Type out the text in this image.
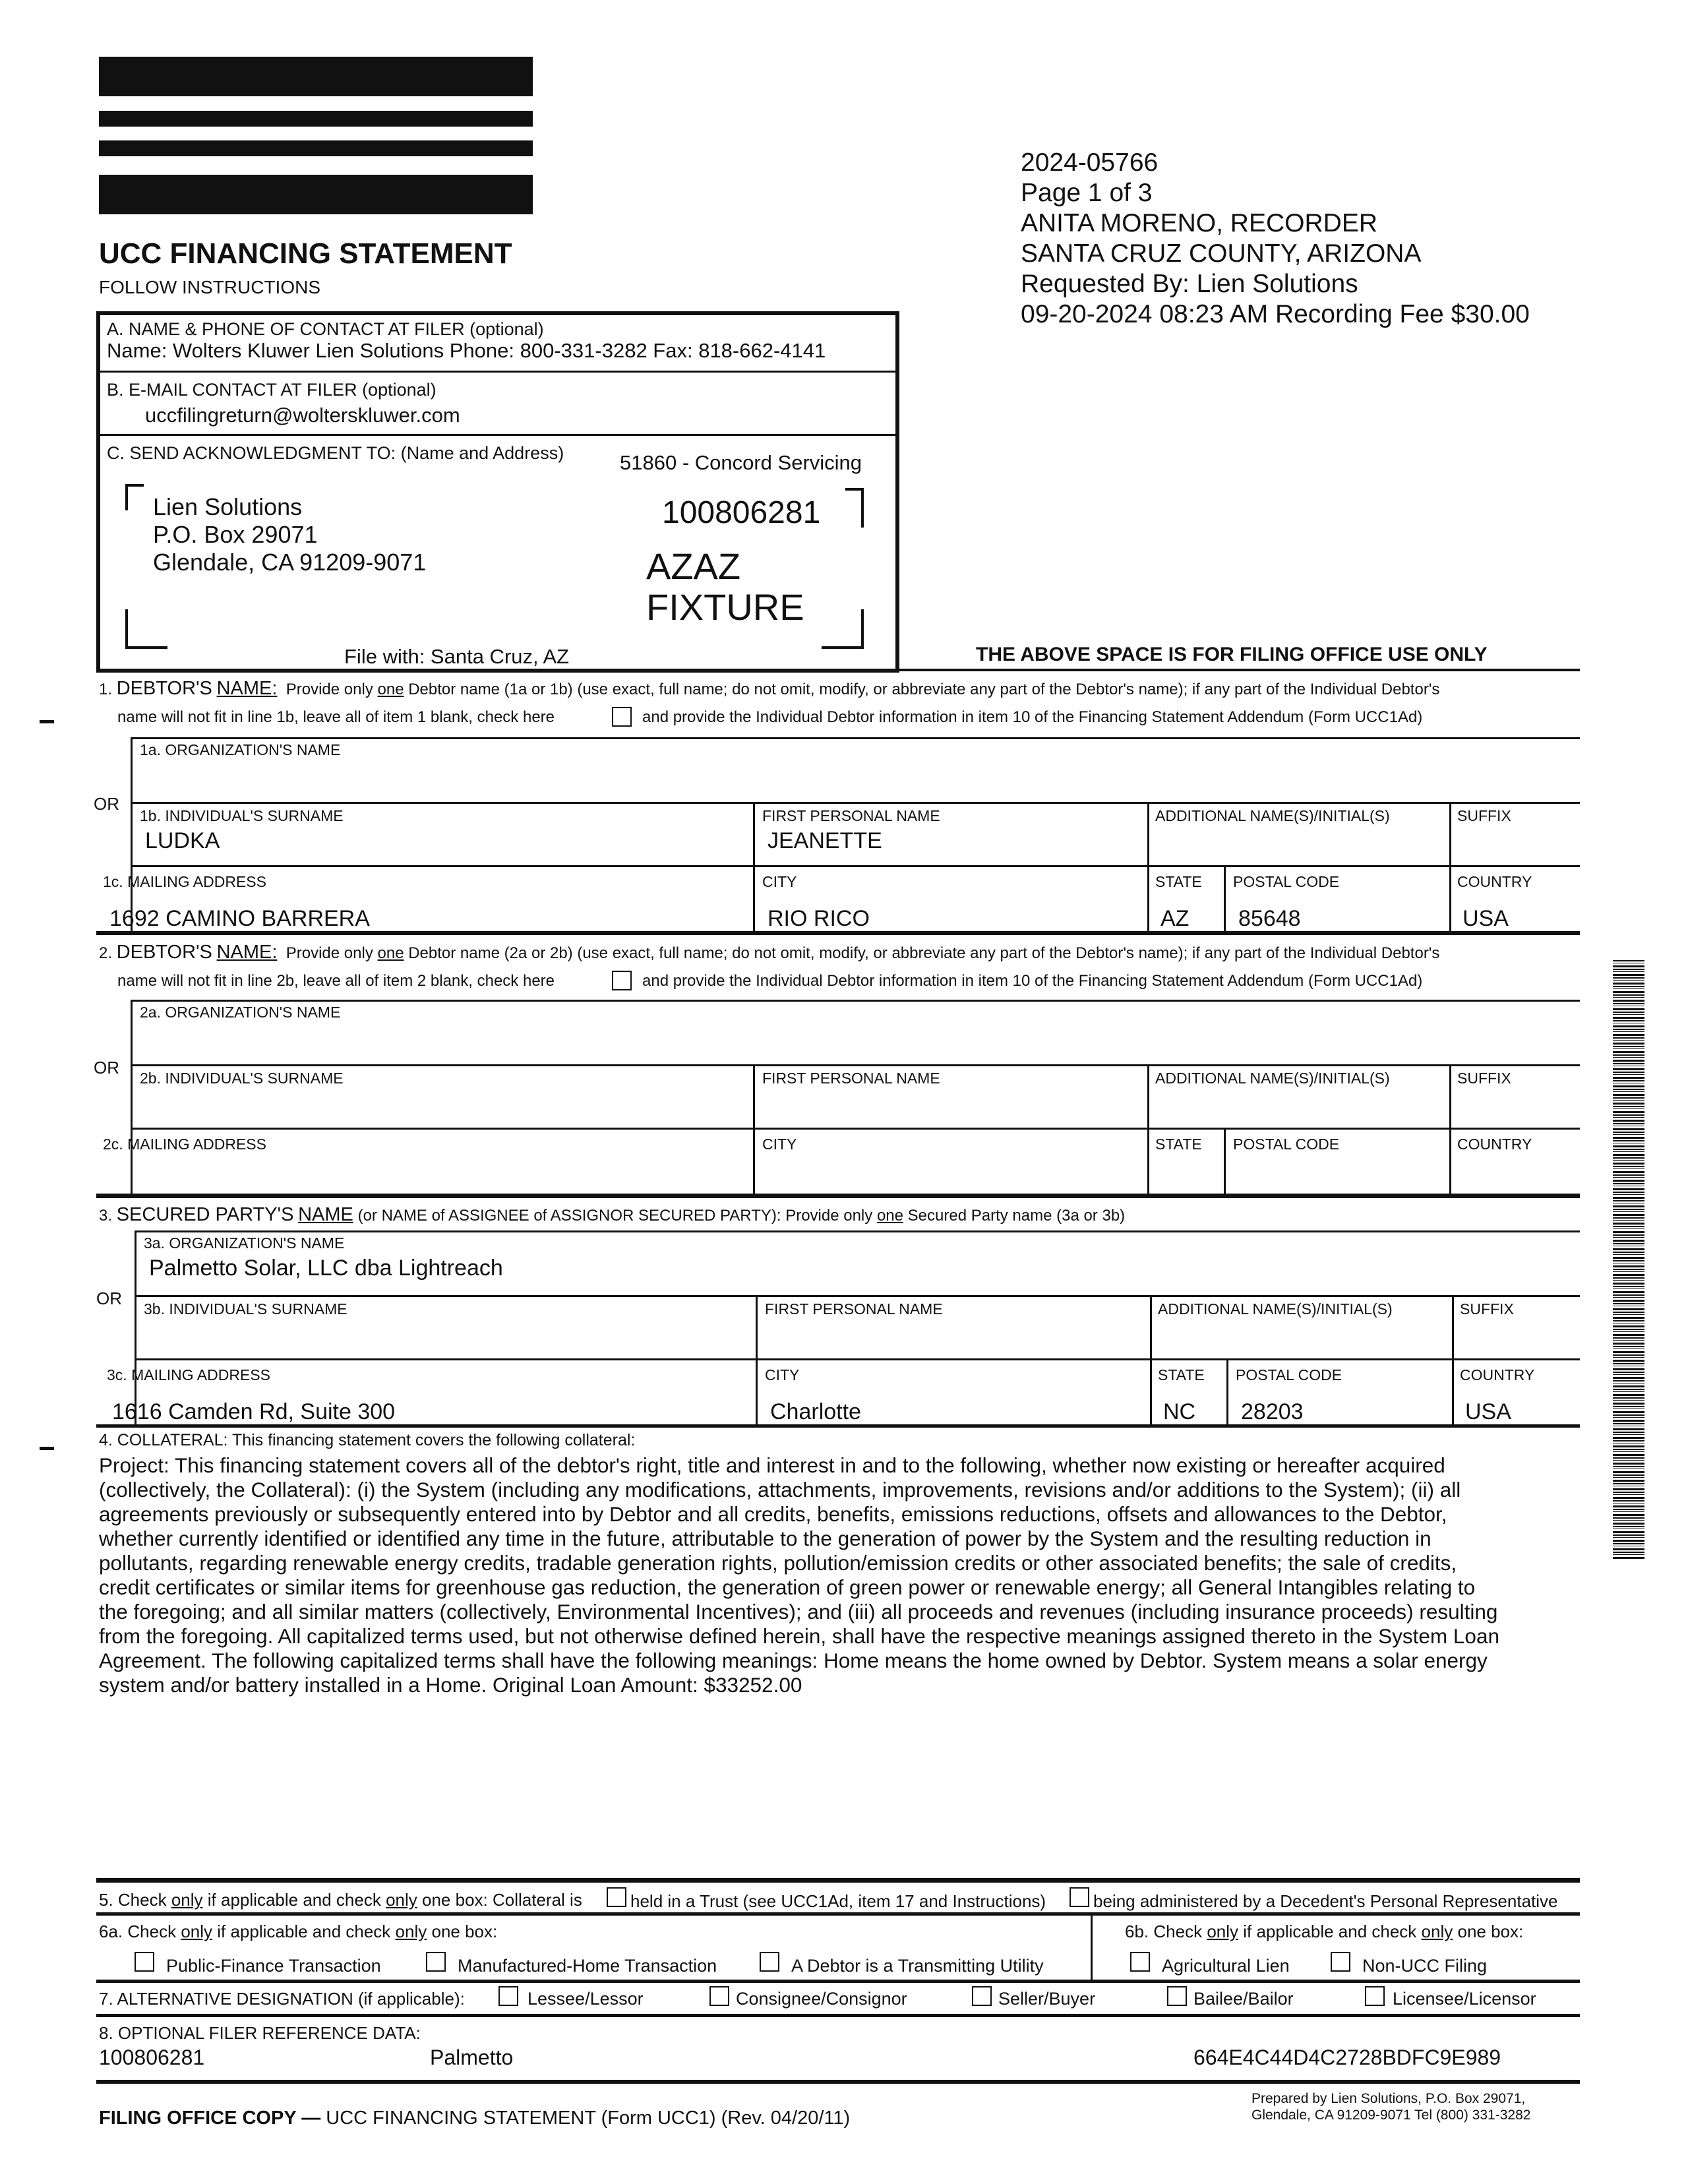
UCC FINANCING STATEMENT
FOLLOW INSTRUCTIONS
2024-05766
Page 1 of 3
ANITA MORENO, RECORDER
SANTA CRUZ COUNTY, ARIZONA
Requested By: Lien Solutions
09-20-2024 08:23 AM Recording Fee $30.00
A. NAME & PHONE OF CONTACT AT FILER (optional)
Name: Wolters Kluwer Lien Solutions Phone: 800-331-3282 Fax: 818-662-4141
B. E-MAIL CONTACT AT FILER (optional)
uccfilingreturn@wolterskluwer.com
C. SEND ACKNOWLEDGMENT TO: (Name and Address)	51860 - Concord Servicing
Lien Solutions
P.O. Box 29071
Glendale, CA 91209-9071
100806281
AZAZ
FIXTURE
File with: Santa Cruz, AZ	THE ABOVE SPACE IS FOR FILING OFFICE USE ONLY
1. DEBTOR'S NAME: Provide only one Debtor name (1a or 1b) (use exact, full name; do not omit, modify, or abbreviate any part of the Debtor's name); if any part of the Individual Debtor's
name will not fit in line 1b, leave all of item 1 blank, check here	and provide the Individual Debtor information in item 10 of the Financing Statement Addendum (Form UCC1Ad)
1a. ORGANIZATION'S NAME
OR
1b. INDIVIDUAL'S SURNAME
LUDKA
FIRST PERSONAL NAME
JEANETTE
ADDITIONAL NAME(S)/INITIAL(S)	SUFFIX
1c. MAILING ADDRESS
1692 CAMINO BARRERA
CITY
RIO RICO
STATE
AZ
POSTAL CODE
85648
COUNTRY
USA
2. DEBTOR'S NAME: Provide only one Debtor name (2a or 2b) (use exact, full name; do not omit, modify, or abbreviate any part of the Debtor's name); if any part of the Individual Debtor's
name will not fit in line 2b, leave all of item 2 blank, check here	and provide the Individual Debtor information in item 10 of the Financing Statement Addendum (Form UCC1Ad)
2a. ORGANIZATION'S NAME
OR
2b. INDIVIDUAL'S SURNAME	FIRST PERSONAL NAME	ADDITIONAL NAME(S)/INITIAL(S)	SUFFIX
2c. MAILING ADDRESS	CITY	STATE POSTAL CODE	COUNTRY
3. SECURED PARTY'S NAME (or NAME of ASSIGNEE of ASSIGNOR SECURED PARTY): Provide only one Secured Party name (3a or 3b)
3a. ORGANIZATION'S NAME
Palmetto Solar, LLC dba Lightreach
OR
3b. INDIVIDUAL'S SURNAME	FIRST PERSONAL NAME	ADDITIONAL NAME(S)/INITIAL(S)	SUFFIX
3c. MAILING ADDRESS
1616 Camden Rd, Suite 300
CITY
Charlotte
STATE
NC
POSTAL CODE
28203
COUNTRY
USA
4. COLLATERAL: This financing statement covers the following collateral:
Project: This financing statement covers all of the debtor's right, title and interest in and to the following, whether now existing or hereafter acquired
(collectively, the Collateral): (i) the System (including any modifications, attachments, improvements, revisions and/or additions to the System); (ii) all
agreements previously or subsequently entered into by Debtor and all credits, benefits, emissions reductions, offsets and allowances to the Debtor,
whether currently identified or identified any time in the future, attributable to the generation of power by the System and the resulting reduction in
pollutants, regarding renewable energy credits, tradable generation rights, pollution/emission credits or other associated benefits; the sale of credits,
credit certificates or similar items for greenhouse gas reduction, the generation of green power or renewable energy; all General Intangibles relating to
the foregoing; and all similar matters (collectively, Environmental Incentives); and (iii) all proceeds and revenues (including insurance proceeds) resulting
from the foregoing. All capitalized terms used, but not otherwise defined herein, shall have the respective meanings assigned thereto in the System Loan
Agreement. The following capitalized terms shall have the following meanings: Home means the home owned by Debtor. System means a solar energy
system and/or battery installed in a Home. Original Loan Amount: $33252.00
5. Check only if applicable and check only one box: Collateral is	held in a Trust (see UCC1Ad, item 17 and Instructions)	being administered by a Decedent's Personal Representative
6a. Check only if applicable and check only one box:	6b. Check only if applicable and check only one box:
Public-Finance Transaction	Manufactured-Home Transaction	A Debtor is a Transmitting Utility	Agricultural Lien	Non-UCC Filing
7. ALTERNATIVE DESIGNATION (if applicable):	Lessee/Lessor	Consignee/Consignor	Seller/Buyer	Bailee/Bailor	Licensee/Licensor
8. OPTIONAL FILER REFERENCE DATA:
100806281	Palmetto	664E4C44D4C2728BDFC9E989
FILING OFFICE COPY — UCC FINANCING STATEMENT (Form UCC1) (Rev. 04/20/11)
Prepared by Lien Solutions, P.O. Box 29071,
Glendale, CA 91209-9071 Tel (800) 331-3282
